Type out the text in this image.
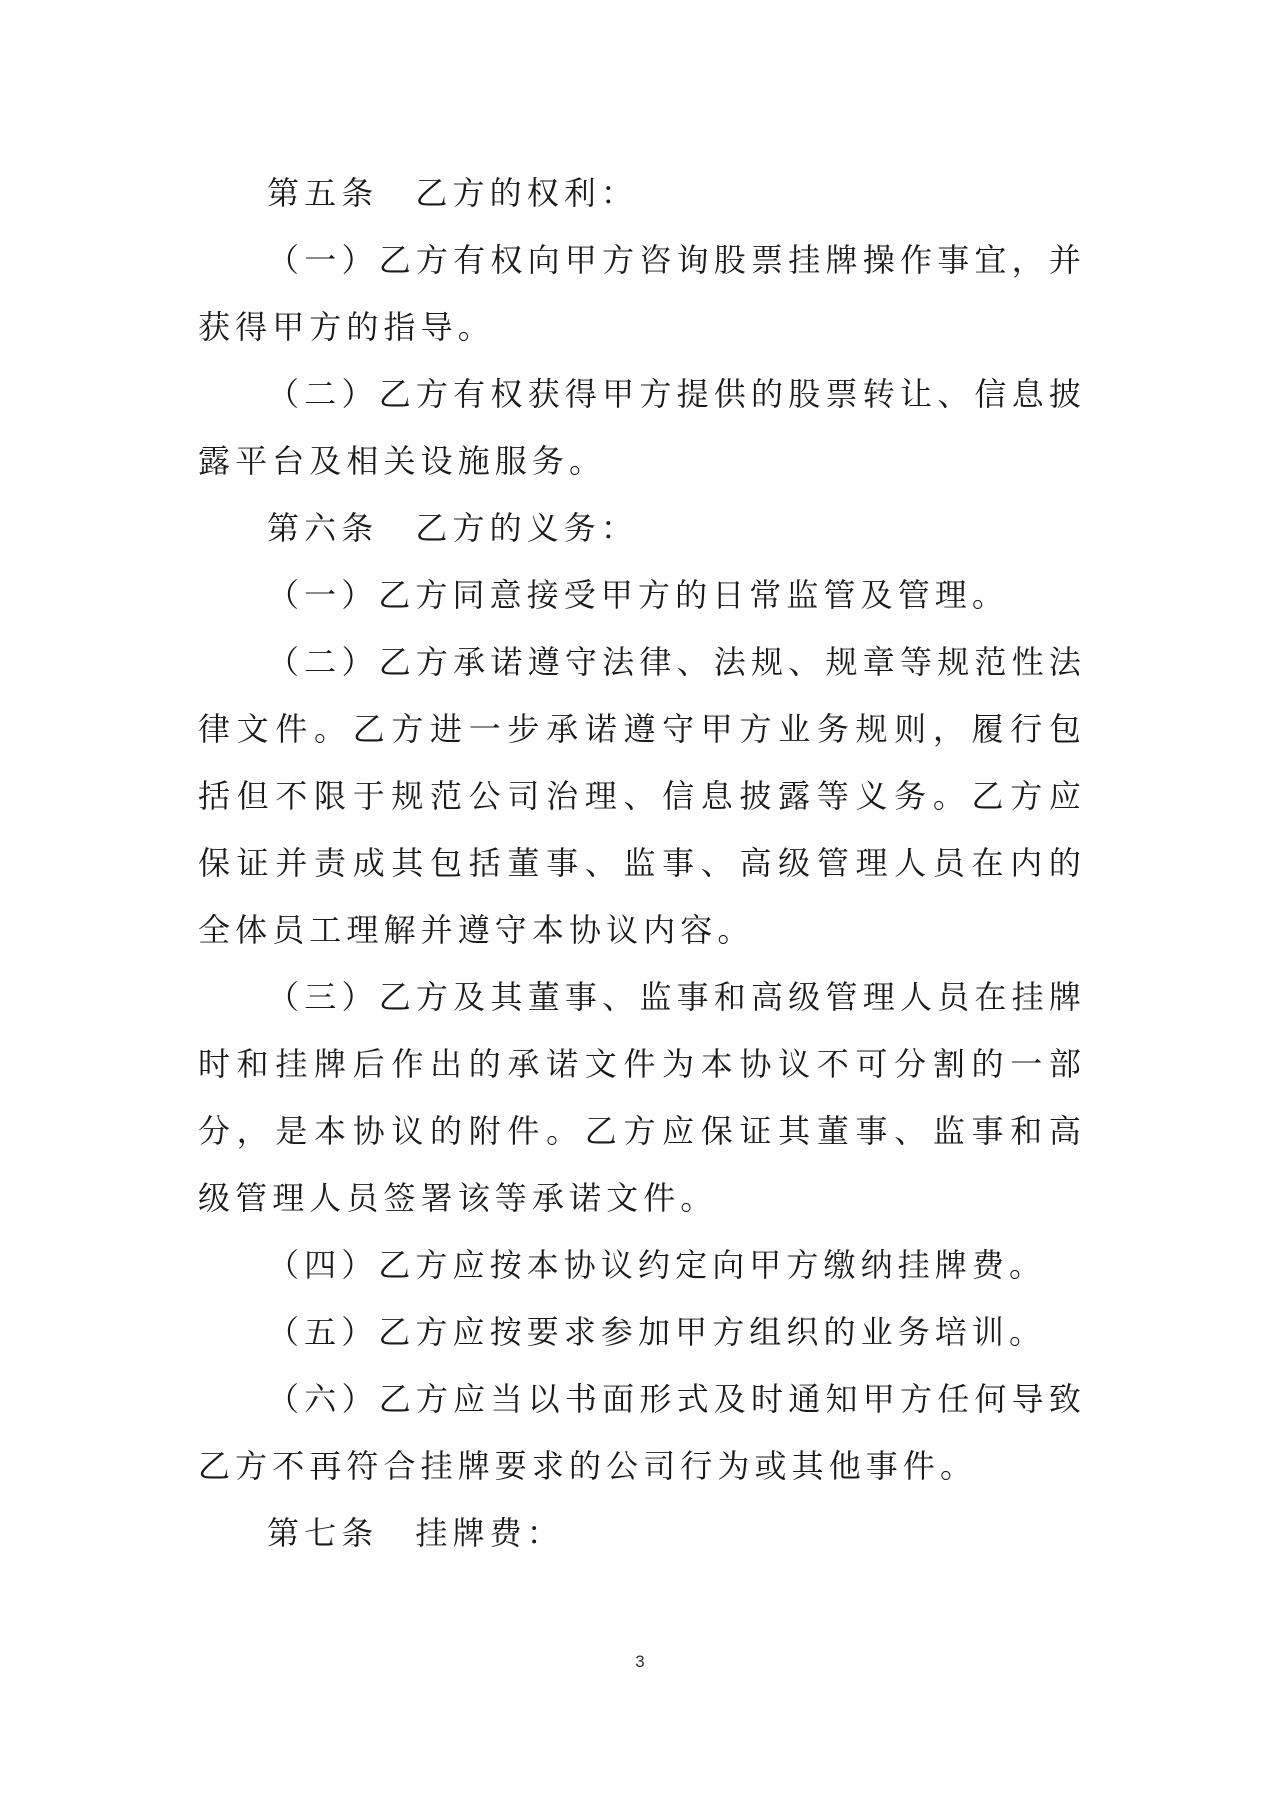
第五条　乙方的权利：

（一）乙方有权向甲方咨询股票挂牌操作事宜，并获得甲方的指导。

（二）乙方有权获得甲方提供的股票转让、信息披露平台及相关设施服务。

第六条　乙方的义务：

（一）乙方同意接受甲方的日常监管及管理。

（二）乙方承诺遵守法律、法规、规章等规范性法律文件。乙方进一步承诺遵守甲方业务规则，履行包括但不限于规范公司治理、信息披露等义务。乙方应保证并责成其包括董事、监事、高级管理人员在内的全体员工理解并遵守本协议内容。

（三）乙方及其董事、监事和高级管理人员在挂牌时和挂牌后作出的承诺文件为本协议不可分割的一部分，是本协议的附件。乙方应保证其董事、监事和高级管理人员签署该等承诺文件。

（四）乙方应按本协议约定向甲方缴纳挂牌费。

（五）乙方应按要求参加甲方组织的业务培训。

（六）乙方应当以书面形式及时通知甲方任何导致乙方不再符合挂牌要求的公司行为或其他事件。

第七条　挂牌费：

3
